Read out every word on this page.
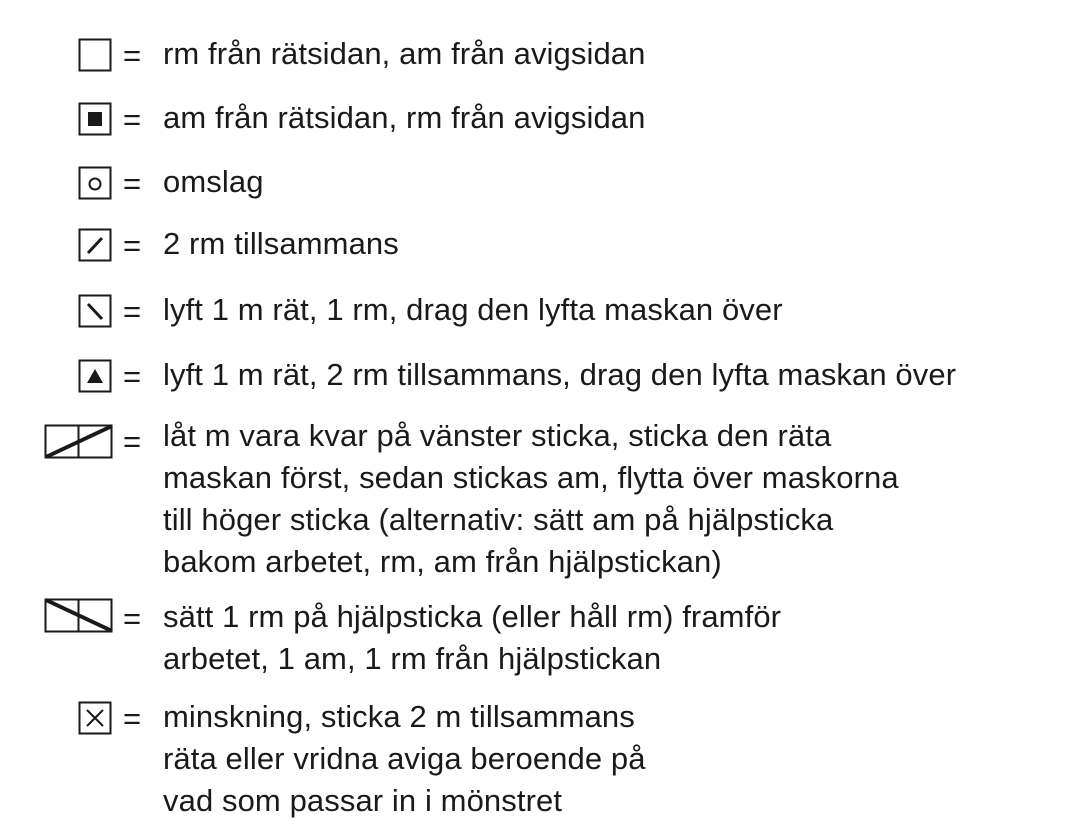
= rm från rätsidan, am från avigsidan
= am från rätsidan, rm från avigsidan
= omslag
= 2 rm tillsammans
= lyft 1 m rät, 1 rm, drag den lyfta maskan över
= lyft 1 m rät, 2 rm tillsammans, drag den lyfta maskan över
= låt m vara kvar på vänster sticka, sticka den räta
maskan först, sedan stickas am, flytta över maskorna
till höger sticka (alternativ: sätt am på hjälpsticka
bakom arbetet, rm, am från hjälpstickan)
= sätt 1 rm på hjälpsticka (eller håll rm) framför
arbetet, 1 am, 1 rm från hjälpstickan
= minskning, sticka 2 m tillsammans
räta eller vridna aviga beroende på
vad som passar in i mönstret
